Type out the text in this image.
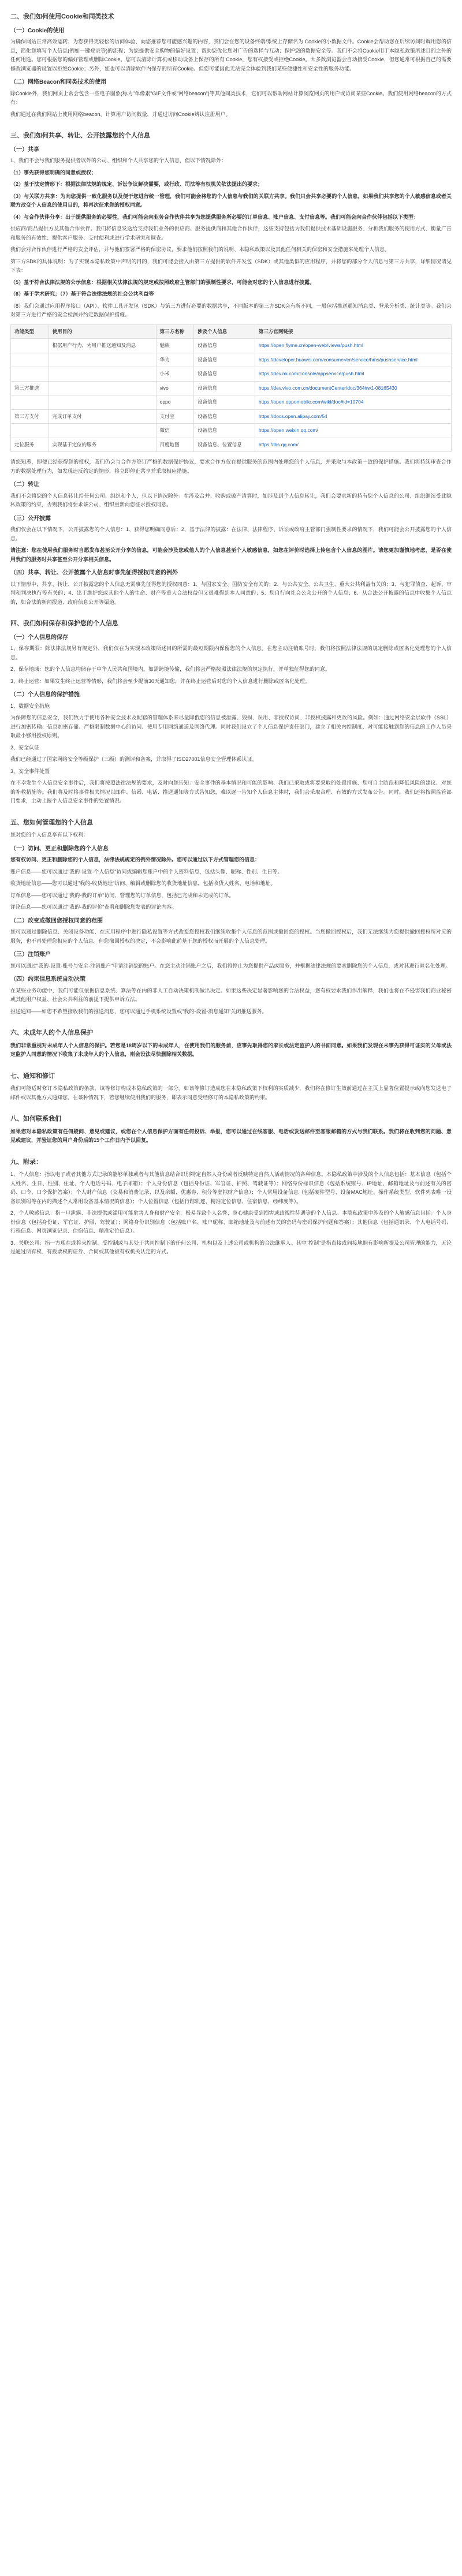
二、我们如何使用Cookie和同类技术
（一）Cookie的使用

为确保网站正常高效运转、为您获得更轻松的访问体验、向您推荐您可能感兴趣的内容，我们会在您的设备终端/系统上存储名为 Cookie的小数据文件。Cookie会帮助您在后续访问时调用您的信息，简化您填写个人信息(例如一键登录等)的流程；为您提供安全购物的偏好设置；帮助您优化您对广告的选择与互动；保护您的数据安全等。我们不会将Cookie用于本隐私政策所述目的之外的任何用途。您可根据您的偏好管理或删除Cookie。您可以清除计算机或移动设备上保存的所有 Cookie，您有权接受或拒绝Cookie。大多数浏览器会自动接受Cookie，但您通常可根据自己的需要修改浏览器的设置以拒绝Cookie；另外，您也可以清除软件内保存的所有Cookie。但您可能因此无法完全体验到我们某些便捷性和安全性的服务功能。

（二）网络Beacon和同类技术的使用

除Cookie外，我们网页上常会包含一些电子图象(称为"单像素"GIF文件或"网络beacon")等其他同类技术，它们可以帮助网站计算浏览网页的用户或访问某些Cookie。我们使用网络beacon的方式有：

我们通过在我们网站上使用网络beacon，计算用户访问数量，并通过访问Cookie辨认注册用户。

三、我们如何共享、转让、公开披露您的个人信息
（一）共享

1、我们不会与我们服务提供者以外的公司、组织和个人共享您的个人信息，但以下情况除外：

（1）事先获得您明确的同意或授权；

（2）基于法定情形下：根据法律法规的规定、诉讼争议解决需要，或行政、司法等有权机关依法提出的要求；

（3）与关联方共享：为向您提供一致化服务以及便于您进行统一管理，我们可能会将您的个人信息与我们的关联方共享。我们只会共享必要的个人信息，如果我们共享您的个人敏感信息或者关联方改变个人信息的使用目的，将再次征求您的授权同意。

（4）与合作伙伴分享：出于提供服务的必要性，我们可能会向业务合作伙伴共享为您提供服务所必要的订单信息、账户信息、支付信息等。我们可能会向合作伙伴包括以下类型：

供应商/商品提供方及其他合作伙伴。我们将信息发送给支持我们业务的供应商、服务提供商和其他合作伙伴，这些支持包括为我们提供技术基础设施服务、分析我们服务的使用方式、衡量广告和服务的有效性、提供客户服务、支付便利或进行学术研究和调查。

我们会对合作伙伴进行严格的安全评估，并与他们签署严格的保密协议，要求他们按照我们的说明、本隐私政策以及其他任何相关的保密和安全措施来处理个人信息。

第三方SDK的具体说明：为了实现本隐私政策中声明的目的，我们可能会接入由第三方提供的软件开发包（SDK）或其他类似的应用程序，并将您的部分个人信息与第三方共享，详细情况请见下表：

（5）基于符合法律法规的公示信息：根据相关法律法规的规定或按照政府主管部门的强制性要求，可能会对您的个人信息进行披露。

（6）基于学术研究；（7）基于符合法律法规的社会公共利益等

（8）我们会通过应用程序接口（API）、软件工具开发包（SDK）与第三方进行必要的数据共享，不同版本的第三方SDK会有所不同，一般包括推送通知消息类、登录分析类、统计类等。我们会对第三方进行严格的安全检测并约定数据保护措施。

功能类型	使用目的	第三方名称	涉及个人信息	第三方官网链接
	根据用户行为，为用户推送通知及消息	魅族	设备信息	https://open.flyme.cn/open-web/views/push.html
		华为	设备信息	https://developer.huawei.com/consumer/cn/service/hms/pushservice.html
		小米	设备信息	https://dev.mi.com/console/appservice/push.html
第三方推送		vivo	设备信息	https://dev.vivo.com.cn/documentCenter/doc/364#w1-08165430
		oppo	设备信息	https://open.oppomobile.com/wiki/doc#id=10704
第三方支付	完成订单支付	支付宝	设备信息	https://docs.open.alipay.com/54
		微信	设备信息	https://open.weixin.qq.com/
定位服务	实现基于定位的服务	百度地图	设备信息、位置信息	https://lbs.qq.com/

请您知悉，即便已经获得您的授权，我们仍会与合作方签订严格的数据保护协议，要求合作方仅在提供服务的范围内处理您的个人信息，并采取与本政策一致的保护措施。我们将持续审查合作方的数据处理行为，如发现违反约定的情形，将立即停止共享并采取相应措施。

（二）转让

我们不会将您的个人信息转让给任何公司、组织和个人，但以下情况除外：在涉及合并、收购或破产清算时，如涉及到个人信息转让，我们会要求新的持有您个人信息的公司、组织继续受此隐私政策的约束，否则我们将要求该公司、组织重新向您征求授权同意。

（三）公开披露

我们仅会在以下情况下，公开披露您的个人信息：1、获得您明确同意后；2、基于法律的披露：在法律、法律程序、诉讼或政府主管部门强制性要求的情况下，我们可能会公开披露您的个人信息。

请注意：您在使用我们服务时自愿发布甚至公开分享的信息，可能会涉及您或他人的个人信息甚至个人敏感信息，如您在评价时选择上传包含个人信息的图片。请您更加谨慎地考虑，是否在使用我们的服务时共享甚至公开分享相关信息。

（四）共享、转让、公开披露个人信息时事先征得授权同意的例外

以下情形中，共享、转让、公开披露您的个人信息无需事先征得您的授权同意：1、与国家安全、国防安全有关的；2、与公共安全、公共卫生、重大公共利益有关的；3、与犯罪侦查、起诉、审判和判决执行等有关的；4、出于维护您或其他个人的生命、财产等重大合法权益但又很难得到本人同意的；5、您自行向社会公众公开的个人信息；6、从合法公开披露的信息中收集个人信息的，如合法的新闻报道、政府信息公开等渠道。

四、我们如何保存和保护您的个人信息
（一）个人信息的保存

1、保存期限：除法律法规另有规定外，我们仅在为实现本政策所述目的所需的最短期限内保留您的个人信息。在您主动注销账号时，我们将按照法律法规的规定删除或匿名化处理您的个人信息。

2、保存地域：您的个人信息均储存于中华人民共和国境内，如需跨境传输，我们将会严格按照法律法规的规定执行，并单独征得您的同意。

3、终止运营：如果发生终止运营等情形，我们将会至少提前30天通知您，并在终止运营后对您的个人信息进行删除或匿名化处理。

（二）个人信息的保护措施

1、数据安全措施

为保障您的信息安全，我们致力于使用各种安全技术及配套的管理体系来尽量降低您的信息被泄露、毁损、误用、非授权访问、非授权披露和更改的风险。例如：通过网络安全层软件（SSL）进行加密传输、信息加密存储、严格限制数据中心的访问、使用专用网络通道及网络代理。同时我们设立了个人信息保护责任部门，建立了相关内控制度，对可能接触到您的信息的工作人员采取最小够用授权原则。

2、安全认证

我们已经通过了国家网络安全等级保护（三级）的测评和备案，并取得了ISO27001信息安全管理体系认证。

3、安全事件处置

在不幸发生个人信息安全事件后，我们将按照法律法规的要求，及时向您告知：安全事件的基本情况和可能的影响、我们已采取或将要采取的处置措施、您可自主防范和降低风险的建议、对您的补救措施等。我们将及时将事件相关情况以邮件、信函、电话、推送通知等方式告知您，难以逐一告知个人信息主体时，我们会采取合理、有效的方式发布公告。同时，我们还将按照监管部门要求，主动上报个人信息安全事件的处置情况。

五、您如何管理您的个人信息

您对您的个人信息享有以下权利：

（一）访问、更正和删除您的个人信息

您有权访问、更正和删除您的个人信息，法律法规规定的例外情况除外。您可以通过以下方式管理您的信息：

账户信息——您可以通过"我的-设置-个人信息"访问或编辑您账户中的个人资料信息，包括头像、昵称、性别、生日等。

收货地址信息——您可以通过"我的-收货地址"访问、编辑或删除您的收货地址信息，包括收货人姓名、电话和地址。

订单信息——您可以通过"我的-我的订单"访问、管理您的订单信息，包括已完成和未完成的订单。

评论信息——您可以通过"我的-我的评价"查看和删除您发表的评论内容。

（二）改变或撤回您授权同意的范围

您可以通过删除信息、关闭设备功能、在应用程序中进行隐私设置等方式改变您授权我们继续收集个人信息的范围或撤回您的授权。当您撤回授权后，我们无法继续为您提供撤回授权所对应的服务，也不再处理您相应的个人信息。但您撤回授权的决定，不会影响此前基于您的授权而开展的个人信息处理。

（三）注销账户

您可以通过"我的-设置-账号与安全-注销账户"申请注销您的账户。在您主动注销账户之后，我们将停止为您提供产品或服务，并根据法律法规的要求删除您的个人信息，或对其进行匿名化处理。

（四）约束信息系统自动决策

在某些业务功能中，我们可能仅依据信息系统、算法等在内的非人工自动决策机制做出决定。如果这些决定显著影响您的合法权益，您有权要求我们作出解释，我们也将在不侵害我们商业秘密或其他用户权益、社会公共利益的前提下提供申诉方法。

推送通知——如您不希望接收我们的推送消息，您可以通过手机系统设置或"我的-设置-消息通知"关闭推送服务。

六、未成年人的个人信息保护

我们非常重视对未成年人个人信息的保护。若您是18周岁以下的未成年人，在使用我们的服务前，应事先取得您的家长或法定监护人的书面同意。如果我们发现在未事先获得可证实的父母或法定监护人同意的情况下收集了未成年人的个人信息，则会设法尽快删除相关数据。

七、通知和修订

我们可能适时修订本隐私政策的条款，该等修订构成本隐私政策的一部分。如该等修订造成您在本隐私政策下权利的实质减少，我们将在修订生效前通过在主页上显著位置提示或向您发送电子邮件或以其他方式通知您。在该种情况下，若您继续使用我们的服务，即表示同意受经修订的本隐私政策的约束。

八、如何联系我们

如果您对本隐私政策有任何疑问、意见或建议，或您在个人信息保护方面有任何投诉、举报，您可以通过在线客服、电话或发送邮件至客服邮箱的方式与我们联系。我们将在收到您的问题、意见或建议，并验证您的用户身份后的15个工作日内予以回复。

九、附录：

1、个人信息：指以电子或者其他方式记录的能够单独或者与其他信息结合识别特定自然人身份或者反映特定自然人活动情况的各种信息。本隐私政策中涉及的个人信息包括：基本信息（包括个人姓名、生日、性别、住址、个人电话号码、电子邮箱）；个人身份信息（包括身份证、军官证、护照、驾驶证等）；网络身份标识信息（包括系统账号、IP地址、邮箱地址及与前述有关的密码、口令、口令保护答案）；个人财产信息（交易和消费记录、以及余额、优惠券、积分等虚拟财产信息）；个人常用设备信息（包括硬件型号、设备MAC地址、操作系统类型、软件列表唯一设备识别码等在内的描述个人常用设备基本情况的信息）；个人位置信息（包括行踪轨迹、精准定位信息、住宿信息、经纬度等）。

2、个人敏感信息：指一旦泄露、非法提供或滥用可能危害人身和财产安全，极易导致个人名誉、身心健康受到损害或歧视性待遇等的个人信息。本隐私政策中涉及的个人敏感信息包括：个人身份信息（包括身份证、军官证、护照、驾驶证）；网络身份识别信息（包括账户名、账户昵称、邮箱地址及与前述有关的密码与密码保护问题和答案）；其他信息（包括通讯录、个人电话号码、行程信息、网页浏览记录、住宿信息、精准定位信息）。

3、关联公司：指一方现在或将来控制、受控制或与其处于共同控制下的任何公司、机构以及上述公司或机构的合法继承人。其中"控制"是指直接或间接地拥有影响所提及公司管理的能力，无论是通过所有权、有投票权的证券、合同或其他被有权机关认定的方式。
